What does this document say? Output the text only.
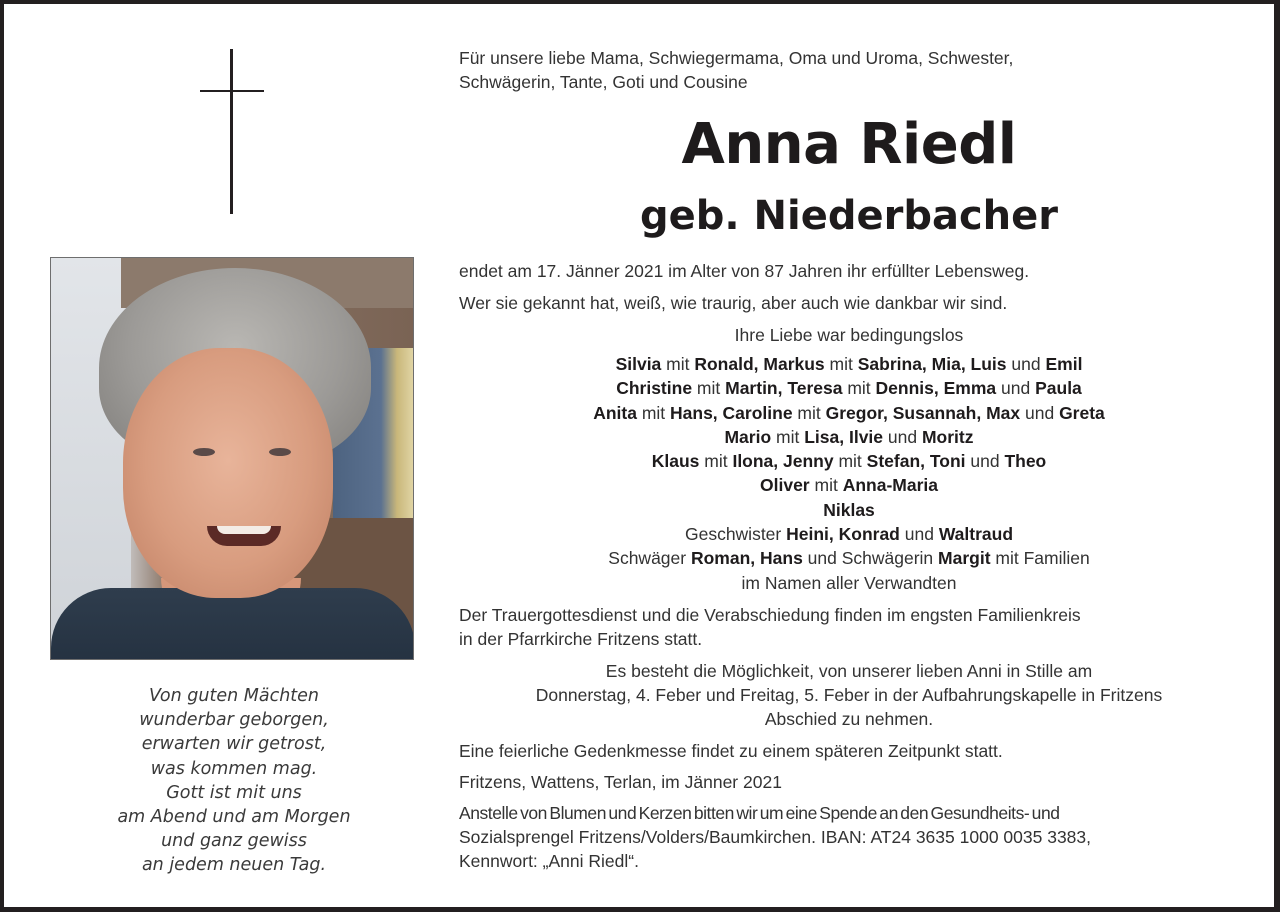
Von guten Mächten
wunderbar geborgen,
erwarten wir getrost,
was kommen mag.
Gott ist mit uns
am Abend und am Morgen
und ganz gewiss
an jedem neuen Tag.
Für unsere liebe Mama, Schwiegermama, Oma und Uroma, Schwester,
Schwägerin, Tante, Goti und Cousine
Anna Riedl
geb. Niederbacher
endet am 17. Jänner 2021 im Alter von 87 Jahren ihr erfüllter Lebensweg.
Wer sie gekannt hat, weiß, wie traurig, aber auch wie dankbar wir sind.
Ihre Liebe war bedingungslos
Silvia mit Ronald, Markus mit Sabrina, Mia, Luis und Emil
Christine mit Martin, Teresa mit Dennis, Emma und Paula
Anita mit Hans, Caroline mit Gregor, Susannah, Max und Greta
Mario mit Lisa, Ilvie und Moritz
Klaus mit Ilona, Jenny mit Stefan, Toni und Theo
Oliver mit Anna-Maria
Niklas
Geschwister Heini, Konrad und Waltraud
Schwäger Roman, Hans und Schwägerin Margit mit Familien
im Namen aller Verwandten
Der Trauergottesdienst und die Verabschiedung finden im engsten Familienkreis
in der Pfarrkirche Fritzens statt.
Es besteht die Möglichkeit, von unserer lieben Anni in Stille am
Donnerstag, 4. Feber und Freitag, 5. Feber in der Aufbahrungskapelle in Fritzens
Abschied zu nehmen.
Eine feierliche Gedenkmesse findet zu einem späteren Zeitpunkt statt.
Fritzens, Wattens, Terlan, im Jänner 2021
Anstelle von Blumen und Kerzen bitten wir um eine Spende an den Gesundheits- und
Sozialsprengel Fritzens/Volders/Baumkirchen. IBAN: AT24 3635 1000 0035 3383,
Kennwort: „Anni Riedl“.
